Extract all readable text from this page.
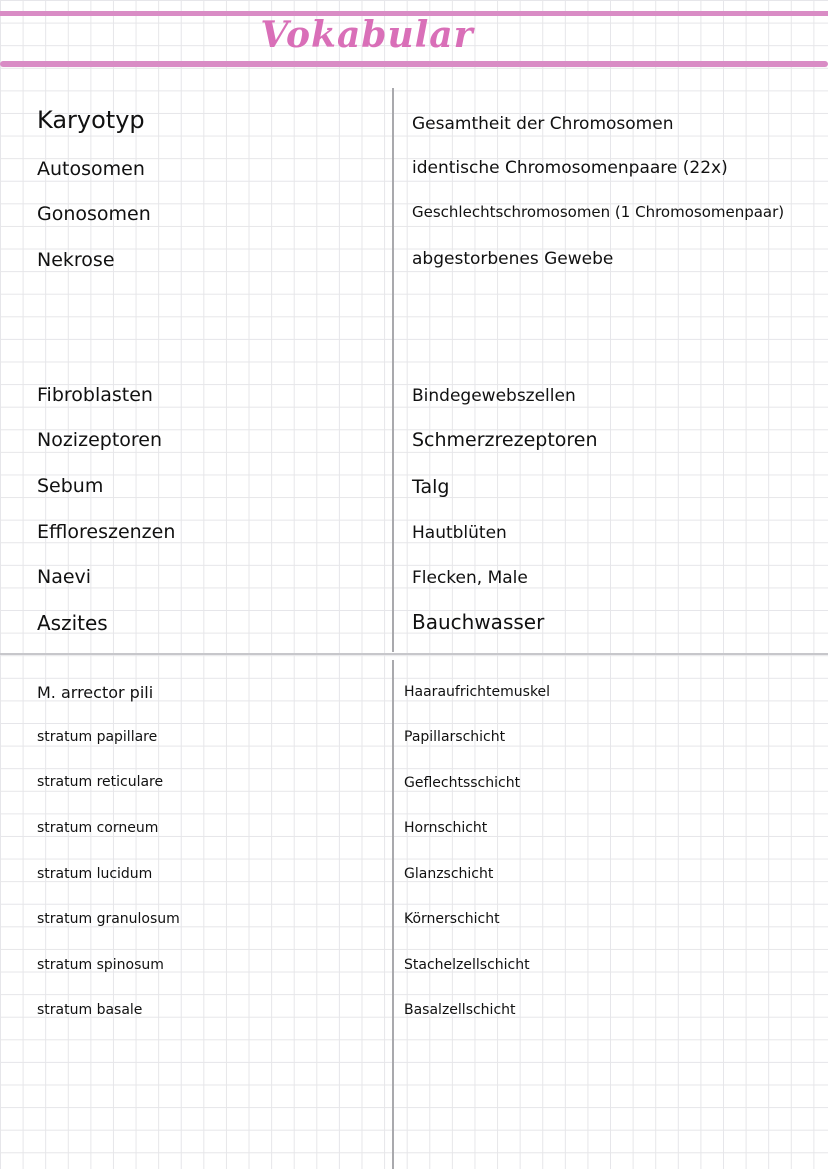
Vokabular
Karyotyp	Gesamtheit der Chromosomen
Autosomen	identische Chromosomenpaare (22x)
Gonosomen	Geschlechtschromosomen (1 Chromosomenpaar)
Nekrose	abgestorbenes Gewebe
Fibroblasten	Bindegewebszellen
Nozizeptoren	Schmerzrezeptoren
Sebum	Talg
Effloreszenzen	Hautblüten
Naevi	Flecken, Male
Aszites	Bauchwasser
M. arrector pili	Haaraufrichtemuskel
stratum papillare	Papillarschicht
stratum reticulare	Geflechtsschicht
stratum corneum	Hornschicht
stratum lucidum	Glanzschicht
stratum granulosum	Körnerschicht
stratum spinosum	Stachelzellschicht
stratum basale	Basalzellschicht
